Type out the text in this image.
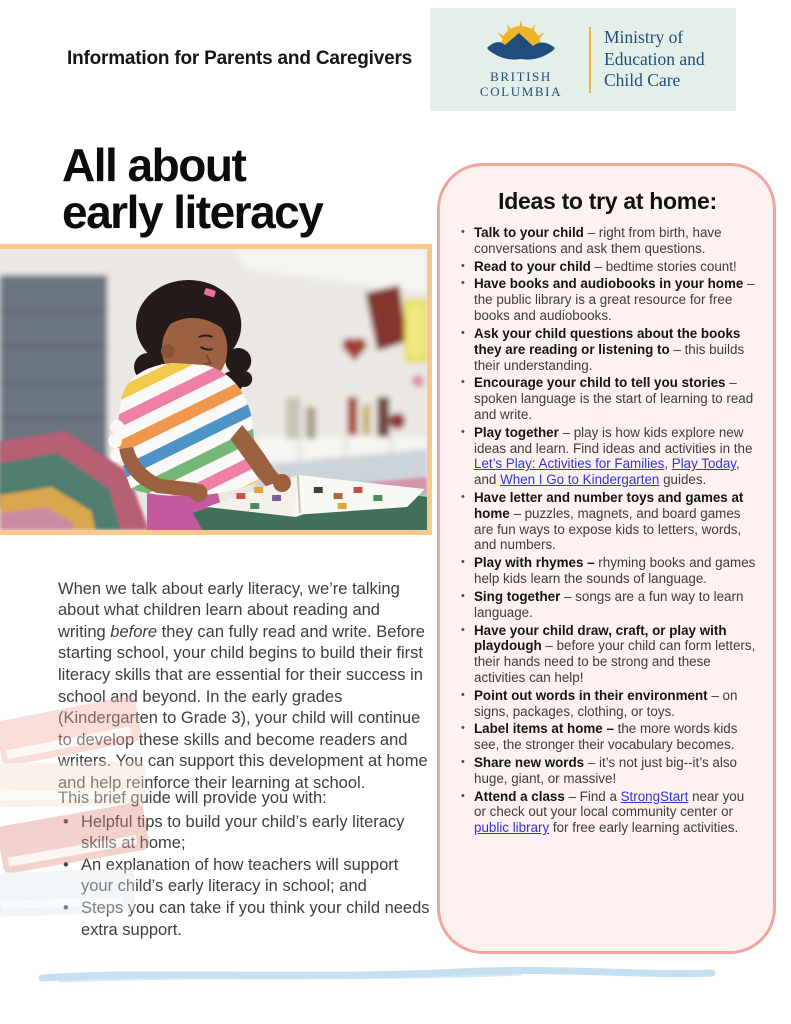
Information for Parents and Caregivers
BRITISH
COLUMBIA
Ministry of
Education and
Child Care
All about
early literacy

When we talk about early literacy, we’re talking about what children learn about reading and writing before they can fully read and write. Before starting school, your child begins to build their first literacy skills that are essential for their success in school and beyond. In the early grades (Kindergarten to Grade 3), your child will continue to develop these skills and become readers and writers. You can support this development at home and help reinforce their learning at school.

This brief guide will provide you with:
• Helpful tips to build your child’s early literacy skills at home;
• An explanation of how teachers will support your child’s early literacy in school; and
• Steps you can take if you think your child needs extra support.
Ideas to try at home:
• Talk to your child – right from birth, have conversations and ask them questions.
• Read to your child – bedtime stories count!
• Have books and audiobooks in your home – the public library is a great resource for free books and audiobooks.
• Ask your child questions about the books they are reading or listening to – this builds their understanding.
• Encourage your child to tell you stories – spoken language is the start of learning to read and write.
• Play together – play is how kids explore new ideas and learn. Find ideas and activities in the Let’s Play: Activities for Families, Play Today, and When I Go to Kindergarten guides.
• Have letter and number toys and games at home – puzzles, magnets, and board games are fun ways to expose kids to letters, words, and numbers.
• Play with rhymes – rhyming books and games help kids learn the sounds of language.
• Sing together – songs are a fun way to learn language.
• Have your child draw, craft, or play with playdough – before your child can form letters, their hands need to be strong and these activities can help!
• Point out words in their environment – on signs, packages, clothing, or toys.
• Label items at home – the more words kids see, the stronger their vocabulary becomes.
• Share new words – it’s not just big--it’s also huge, giant, or massive!
• Attend a class – Find a StrongStart near you or check out your local community center or public library for free early learning activities.
